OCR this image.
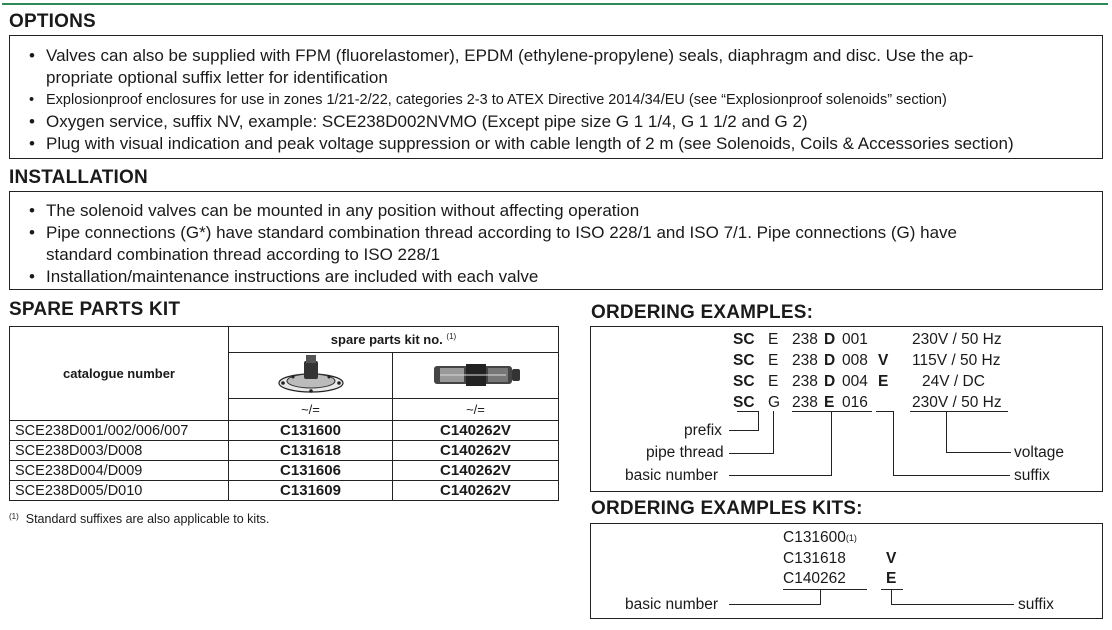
OPTIONS
• Valves can also be supplied with FPM (fluorelastomer), EPDM (ethylene-propylene) seals, diaphragm and disc. Use the ap-
propriate optional suffix letter for identification
• Explosionproof enclosures for use in zones 1/21-2/22, categories 2-3 to ATEX Directive 2014/34/EU (see “Explosionproof solenoids” section)
• Oxygen service, suffix NV, example: SCE238D002NVMO (Except pipe size G 1 1/4, G 1 1/2 and G 2)
• Plug with visual indication and peak voltage suppression or with cable length of 2 m (see Solenoids, Coils & Accessories section)
INSTALLATION
• The solenoid valves can be mounted in any position without affecting operation
• Pipe connections (G*) have standard combination thread according to ISO 228/1 and ISO 7/1. Pipe connections (G) have
standard combination thread according to ISO 228/1
• Installation/maintenance instructions are included with each valve
SPARE PARTS KIT
catalogue number	spare parts kit no. $^{(1)}$

	~/=	~/=
SCE238D001/002/006/007	C131600	C140262V
SCE238D003/D008	C131618	C140262V
SCE238D004/D009	C131606	C140262V
SCE238D005/D010	C131609	C140262V
$^{(1)}$ Standard suffixes are also applicable to kits.
ORDERING EXAMPLES:
SC E 238 D 001	230V / 50 Hz
SC E 238 D 008 V 115V / 50 Hz
SC E 238 D 004 E 24V / DC
SC G 238 E 016	230V / 50 Hz
prefix
pipe thread
basic number
voltage
suffix
ORDERING EXAMPLES KITS:
C131600$^{(1)}$
C131618	V
C140262	E
basic number	suffix
